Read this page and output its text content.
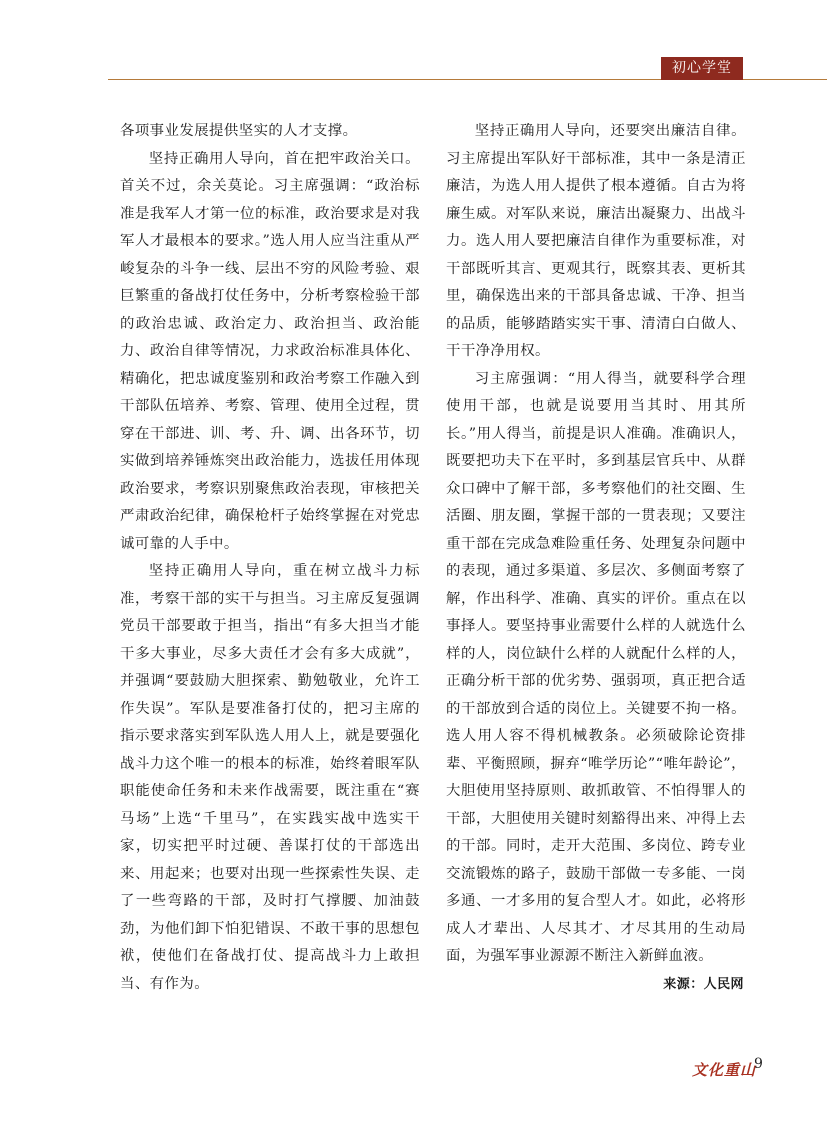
初心学堂

各项事业发展提供坚实的人才支撑。

坚持正确用人导向，首在把牢政治关口。首关不过，余关莫论。习主席强调：“政治标准是我军人才第一位的标准，政治要求是对我军人才最根本的要求。”选人用人应当注重从严峻复杂的斗争一线、层出不穷的风险考验、艰巨繁重的备战打仗任务中，分析考察检验干部的政治忠诚、政治定力、政治担当、政治能力、政治自律等情况，力求政治标准具体化、精确化，把忠诚度鉴别和政治考察工作融入到干部队伍培养、考察、管理、使用全过程，贯穿在干部进、训、考、升、调、出各环节，切实做到培养锤炼突出政治能力，选拔任用体现政治要求，考察识别聚焦政治表现，审核把关严肃政治纪律，确保枪杆子始终掌握在对党忠诚可靠的人手中。

坚持正确用人导向，重在树立战斗力标准，考察干部的实干与担当。习主席反复强调党员干部要敢于担当，指出“有多大担当才能干多大事业，尽多大责任才会有多大成就”，并强调“要鼓励大胆探索、勤勉敬业，允许工作失误”。军队是要准备打仗的，把习主席的指示要求落实到军队选人用人上，就是要强化战斗力这个唯一的根本的标准，始终着眼军队职能使命任务和未来作战需要，既注重在“赛马场”上选“千里马”，在实践实战中选实干家，切实把平时过硬、善谋打仗的干部选出来、用起来；也要对出现一些探索性失误、走了一些弯路的干部，及时打气撑腰、加油鼓劲，为他们卸下怕犯错误、不敢干事的思想包袱，使他们在备战打仗、提高战斗力上敢担当、有作为。

坚持正确用人导向，还要突出廉洁自律。习主席提出军队好干部标准，其中一条是清正廉洁，为选人用人提供了根本遵循。自古为将廉生威。对军队来说，廉洁出凝聚力、出战斗力。选人用人要把廉洁自律作为重要标准，对干部既听其言、更观其行，既察其表、更析其里，确保选出来的干部具备忠诚、干净、担当的品质，能够踏踏实实干事、清清白白做人、干干净净用权。

习主席强调：“用人得当，就要科学合理使用干部，也就是说要用当其时、用其所长。”用人得当，前提是识人准确。准确识人，既要把功夫下在平时，多到基层官兵中、从群众口碑中了解干部，多考察他们的社交圈、生活圈、朋友圈，掌握干部的一贯表现；又要注重干部在完成急难险重任务、处理复杂问题中的表现，通过多渠道、多层次、多侧面考察了解，作出科学、准确、真实的评价。重点在以事择人。要坚持事业需要什么样的人就选什么样的人，岗位缺什么样的人就配什么样的人，正确分析干部的优劣势、强弱项，真正把合适的干部放到合适的岗位上。关键要不拘一格。选人用人容不得机械教条。必须破除论资排辈、平衡照顾，摒弃“唯学历论”“唯年龄论”，大胆使用坚持原则、敢抓敢管、不怕得罪人的干部，大胆使用关键时刻豁得出来、冲得上去的干部。同时，走开大范围、多岗位、跨专业交流锻炼的路子，鼓励干部做一专多能、一岗多通、一才多用的复合型人才。如此，必将形成人才辈出、人尽其才、才尽其用的生动局面，为强军事业源源不断注入新鲜血液。

来源：人民网
文化重山
9
